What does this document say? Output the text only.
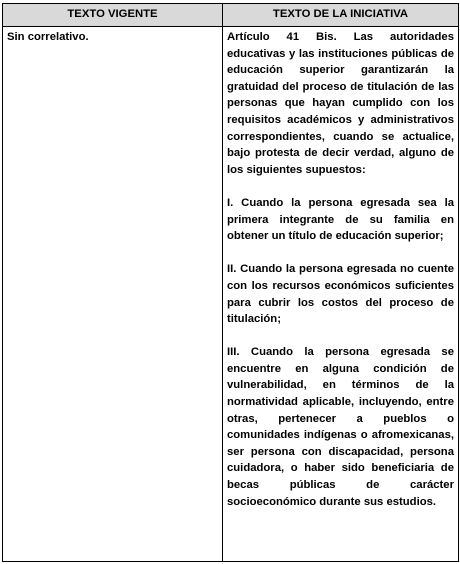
TEXTO VIGENTE	TEXTO DE LA INICIATIVA
Sin correlativo.	Artículo 41 Bis. Las autoridades educativas y las instituciones públicas de educación superior garantizarán la gratuidad del proceso de titulación de las personas que hayan cumplido con los requisitos académicos y administrativos correspondientes, cuando se actualice, bajo protesta de decir verdad, alguno de los siguientes supuestos:

I. Cuando la persona egresada sea la primera integrante de su familia en obtener un título de educación superior;

II. Cuando la persona egresada no cuente con los recursos económicos suficientes para cubrir los costos del proceso de titulación;

III. Cuando la persona egresada se encuentre en alguna condición de vulnerabilidad, en términos de la normatividad aplicable, incluyendo, entre otras, pertenecer a pueblos o comunidades indígenas o afromexicanas, ser persona con discapacidad, persona cuidadora, o haber sido beneficiaria de becas públicas de carácter socioeconómico durante sus estudios.
